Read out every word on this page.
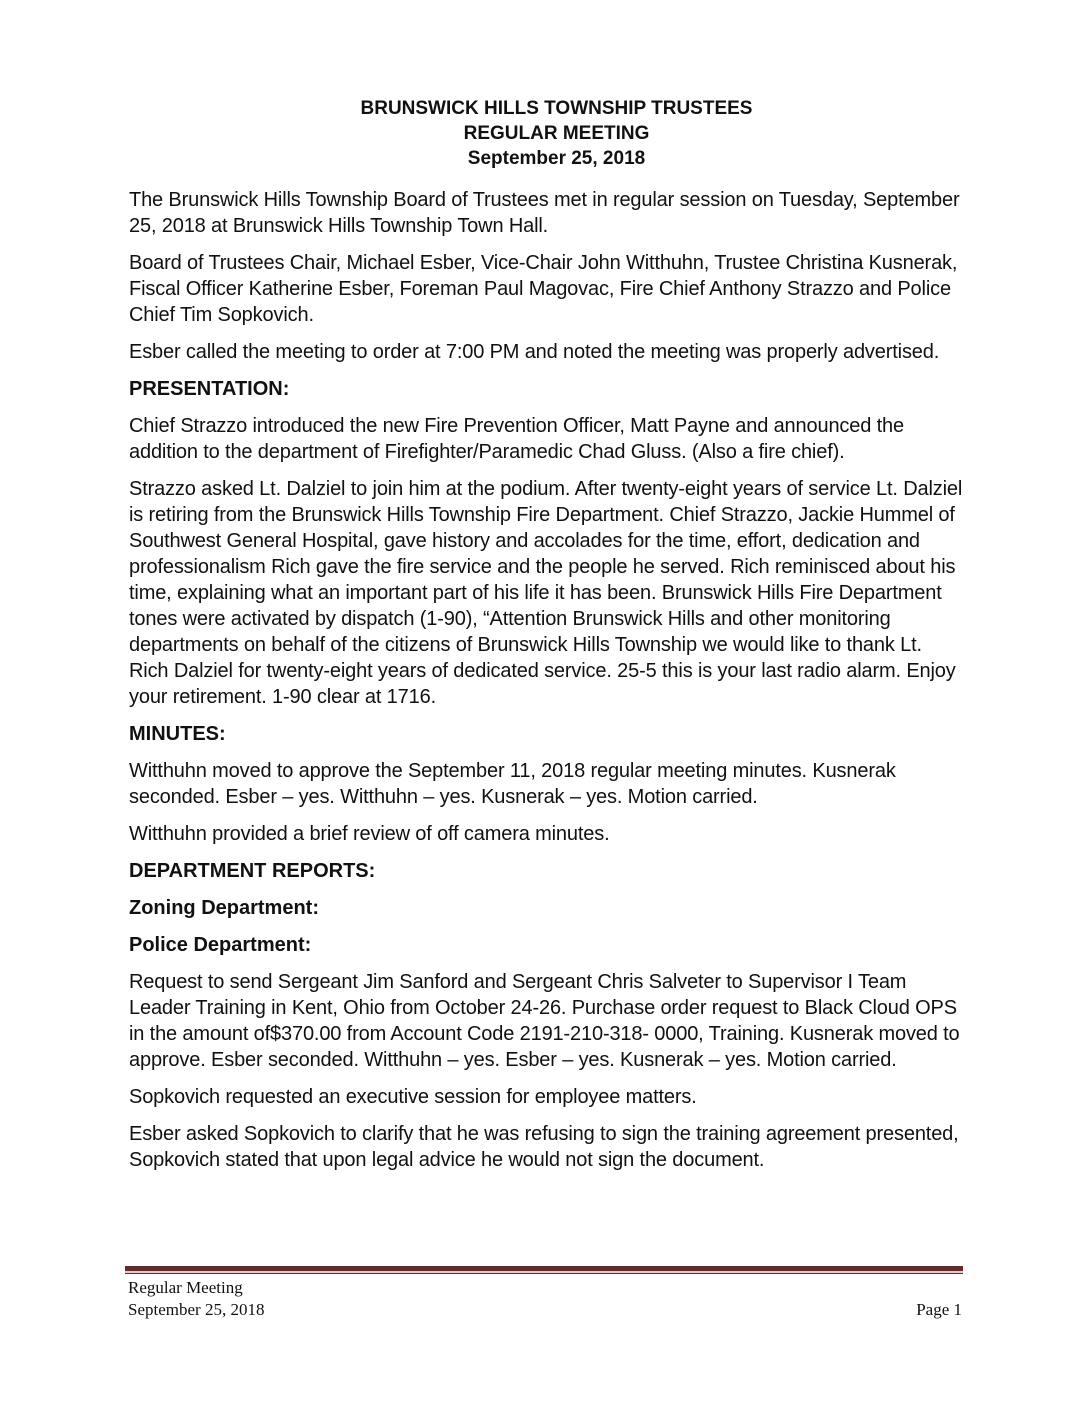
BRUNSWICK HILLS TOWNSHIP TRUSTEES
REGULAR MEETING
September 25, 2018

The Brunswick Hills Township Board of Trustees met in regular session on Tuesday, September 25, 2018 at Brunswick Hills Township Town Hall.

Board of Trustees Chair, Michael Esber, Vice-Chair John Witthuhn, Trustee Christina Kusnerak, Fiscal Officer Katherine Esber, Foreman Paul Magovac, Fire Chief Anthony Strazzo and Police Chief Tim Sopkovich.

Esber called the meeting to order at 7:00 PM and noted the meeting was properly advertised.

PRESENTATION:

Chief Strazzo introduced the new Fire Prevention Officer, Matt Payne and announced the addition to the department of Firefighter/Paramedic Chad Gluss. (Also a fire chief).

Strazzo asked Lt. Dalziel to join him at the podium. After twenty-eight years of service Lt. Dalziel is retiring from the Brunswick Hills Township Fire Department. Chief Strazzo, Jackie Hummel of Southwest General Hospital, gave history and accolades for the time, effort, dedication and professionalism Rich gave the fire service and the people he served. Rich reminisced about his time, explaining what an important part of his life it has been. Brunswick Hills Fire Department tones were activated by dispatch (1-90), “Attention Brunswick Hills and other monitoring departments on behalf of the citizens of Brunswick Hills Township we would like to thank Lt. Rich Dalziel for twenty-eight years of dedicated service. 25-5 this is your last radio alarm. Enjoy your retirement. 1-90 clear at 1716.

MINUTES:

Witthuhn moved to approve the September 11, 2018 regular meeting minutes. Kusnerak seconded. Esber – yes. Witthuhn – yes. Kusnerak – yes. Motion carried.

Witthuhn provided a brief review of off camera minutes.

DEPARTMENT REPORTS:
Zoning Department:
Police Department:

Request to send Sergeant Jim Sanford and Sergeant Chris Salveter to Supervisor I Team Leader Training in Kent, Ohio from October 24-26. Purchase order request to Black Cloud OPS in the amount of$370.00 from Account Code 2191-210-318- 0000, Training. Kusnerak moved to approve. Esber seconded. Witthuhn – yes. Esber – yes. Kusnerak – yes. Motion carried.

Sopkovich requested an executive session for employee matters.

Esber asked Sopkovich to clarify that he was refusing to sign the training agreement presented, Sopkovich stated that upon legal advice he would not sign the document.

Regular Meeting
September 25, 2018	Page 1
